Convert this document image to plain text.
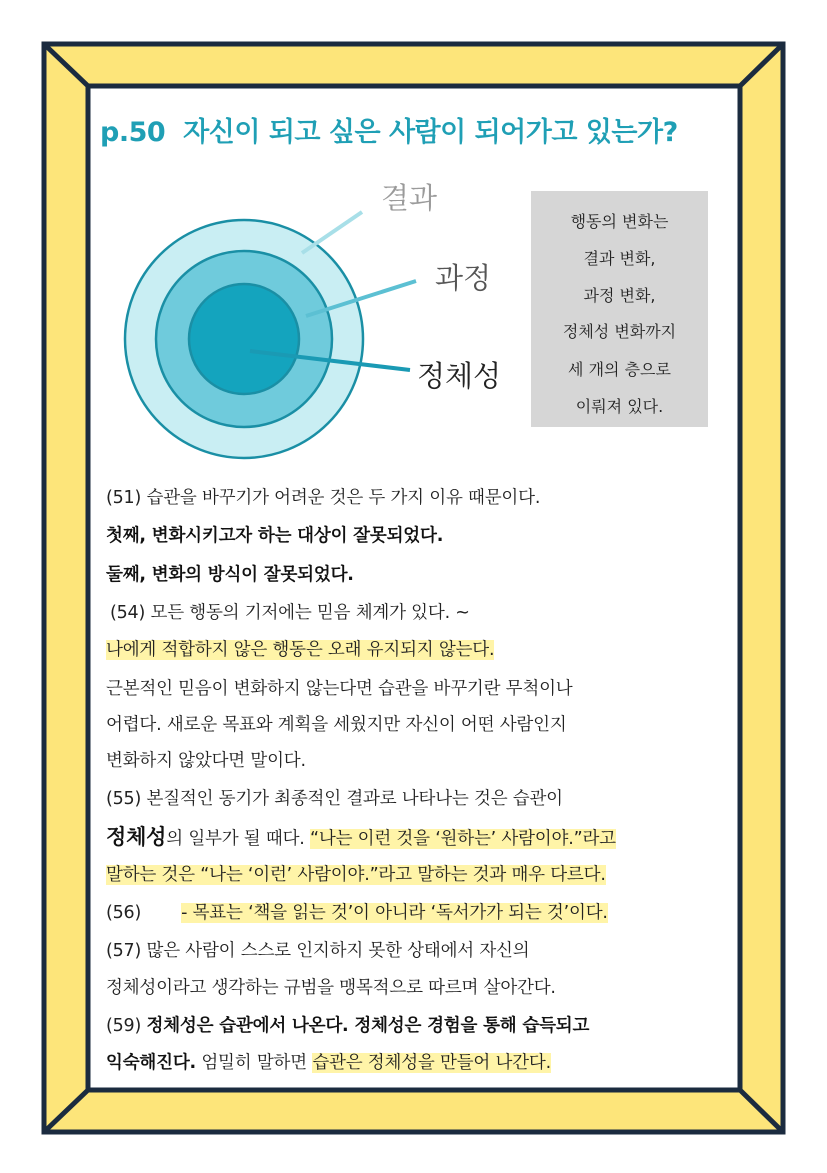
p.50 자신이 되고 싶은 사람이 되어가고 있는가?
결과
과정
정체성
행동의 변화는
결과 변화,
과정 변화,
정체성 변화까지
세 개의 층으로
이뤄져 있다.
(51) 습관을 바꾸기가 어려운 것은 두 가지 이유 때문이다.
첫째, 변화시키고자 하는 대상이 잘못되었다.
둘째, 변화의 방식이 잘못되었다.
(54) 모든 행동의 기저에는 믿음 체계가 있다. ~
나에게 적합하지 않은 행동은 오래 유지되지 않는다.
근본적인 믿음이 변화하지 않는다면 습관을 바꾸기란 무척이나
어렵다. 새로운 목표와 계획을 세웠지만 자신이 어떤 사람인지
변화하지 않았다면 말이다.
(55) 본질적인 동기가 최종적인 결과로 나타나는 것은 습관이
정체성의 일부가 될 때다. “나는 이런 것을 ‘원하는’ 사람이야.”라고
말하는 것은 “나는 ‘이런’ 사람이야.”라고 말하는 것과 매우 다르다.
(56) - 목표는 ‘책을 읽는 것’이 아니라 ‘독서가가 되는 것’이다.
(57) 많은 사람이 스스로 인지하지 못한 상태에서 자신의
정체성이라고 생각하는 규범을 맹목적으로 따르며 살아간다.
(59) 정체성은 습관에서 나온다. 정체성은 경험을 통해 습득되고
익숙해진다. 엄밀히 말하면 습관은 정체성을 만들어 나간다.
